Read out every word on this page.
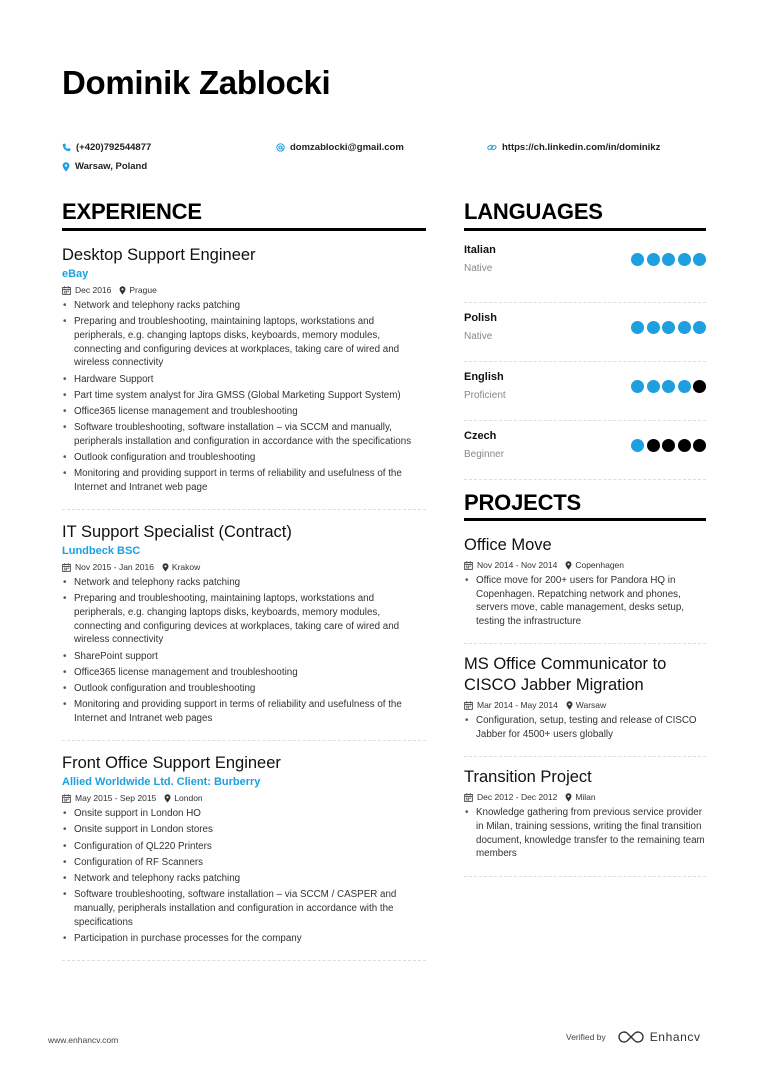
Dominik Zablocki
(+420)792544877	domzablocki@gmail.com	https://ch.linkedin.com/in/dominikz
Warsaw, Poland
EXPERIENCE
Desktop Support Engineer
eBay
Dec 2016 Prague
• Network and telephony racks patching
• Preparing and troubleshooting, maintaining laptops, workstations and peripherals, e.g. changing laptops disks, keyboards, memory modules, connecting and configuring devices at workplaces, taking care of wired and wireless connectivity
• Hardware Support
• Part time system analyst for Jira GMSS (Global Marketing Support System)
• Office365 license management and troubleshooting
• Software troubleshooting, software installation – via SCCM and manually, peripherals installation and configuration in accordance with the specifications
• Outlook configuration and troubleshooting
• Monitoring and providing support in terms of reliability and usefulness of the Internet and Intranet web page
IT Support Specialist (Contract)
Lundbeck BSC
Nov 2015 - Jan 2016 Krakow
• Network and telephony racks patching
• Preparing and troubleshooting, maintaining laptops, workstations and peripherals, e.g. changing laptops disks, keyboards, memory modules, connecting and configuring devices at workplaces, taking care of wired and wireless connectivity
• SharePoint support
• Office365 license management and troubleshooting
• Outlook configuration and troubleshooting
• Monitoring and providing support in terms of reliability and usefulness of the Internet and Intranet web pages
Front Office Support Engineer
Allied Worldwide Ltd. Client: Burberry
May 2015 - Sep 2015 London
• Onsite support in London HO
• Onsite support in London stores
• Configuration of QL220 Printers
• Configuration of RF Scanners
• Network and telephony racks patching
• Software troubleshooting, software installation – via SCCM / CASPER and manually, peripherals installation and configuration in accordance with the specifications
• Participation in purchase processes for the company
LANGUAGES
Italian
Native
Polish
Native
English
Proficient
Czech
Beginner
PROJECTS
Office Move
Nov 2014 - Nov 2014 Copenhagen
• Office move for 200+ users for Pandora HQ in Copenhagen. Repatching network and phones, servers move, cable management, desks setup, testing the infrastructure
MS Office Communicator to CISCO Jabber Migration
Mar 2014 - May 2014 Warsaw
• Configuration, setup, testing and release of CISCO Jabber for 4500+ users globally
Transition Project
Dec 2012 - Dec 2012 Milan
• Knowledge gathering from previous service provider in Milan, training sessions, writing the final transition document, knowledge transfer to the remaining team members
www.enhancv.com	Verified by	Enhancv
